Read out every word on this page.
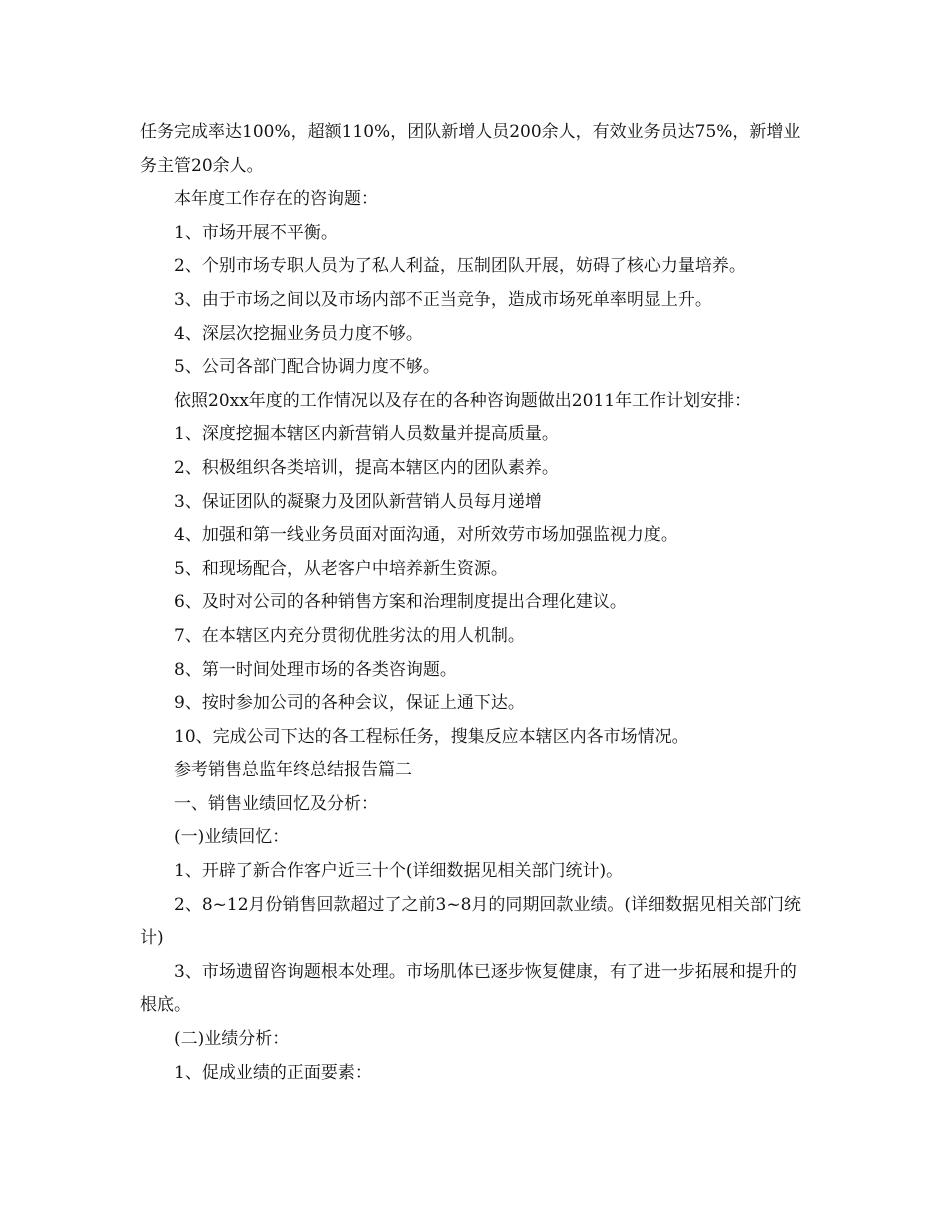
任务完成率达100%，超额110%，团队新增人员200余人，有效业务员达75%，新增业务主管20余人。

本年度工作存在的咨询题：

1、市场开展不平衡。

2、个别市场专职人员为了私人利益，压制团队开展，妨碍了核心力量培养。

3、由于市场之间以及市场内部不正当竞争，造成市场死单率明显上升。

4、深层次挖掘业务员力度不够。

5、公司各部门配合协调力度不够。

依照20xx年度的工作情况以及存在的各种咨询题做出2011年工作计划安排：

1、深度挖掘本辖区内新营销人员数量并提高质量。

2、积极组织各类培训，提高本辖区内的团队素养。

3、保证团队的凝聚力及团队新营销人员每月递增

4、加强和第一线业务员面对面沟通，对所效劳市场加强监视力度。

5、和现场配合，从老客户中培养新生资源。

6、及时对公司的各种销售方案和治理制度提出合理化建议。

7、在本辖区内充分贯彻优胜劣汰的用人机制。

8、第一时间处理市场的各类咨询题。

9、按时参加公司的各种会议，保证上通下达。

10、完成公司下达的各工程标任务，搜集反应本辖区内各市场情况。

参考销售总监年终总结报告篇二

一、销售业绩回忆及分析：

(一)业绩回忆：

1、开辟了新合作客户近三十个(详细数据见相关部门统计)。

2、8~12月份销售回款超过了之前3~8月的同期回款业绩。(详细数据见相关部门统计)

3、市场遗留咨询题根本处理。市场肌体已逐步恢复健康，有了进一步拓展和提升的根底。

(二)业绩分析：

1、促成业绩的正面要素：
